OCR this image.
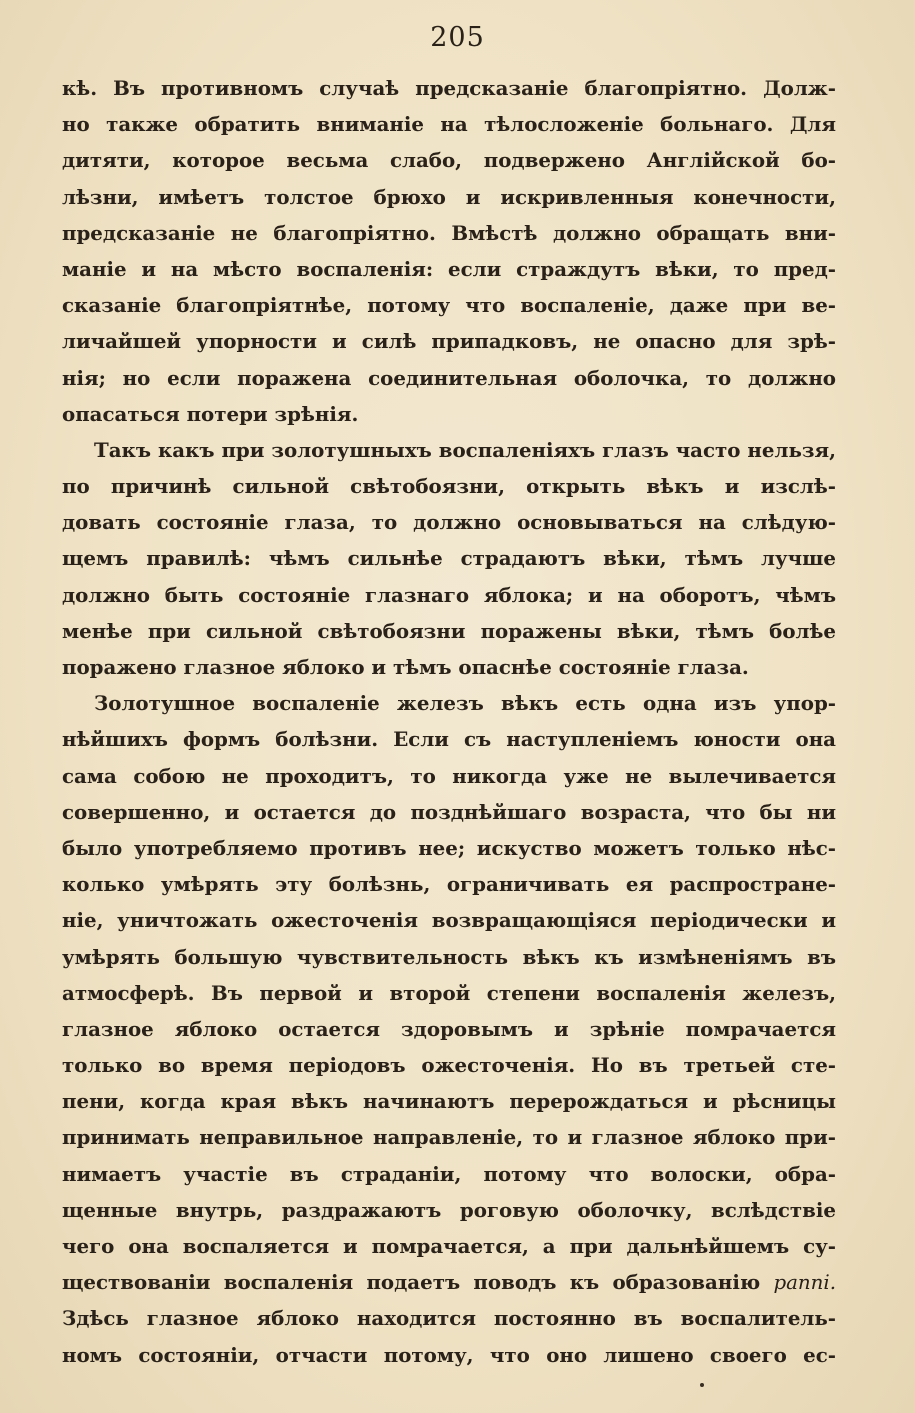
205
кѣ. Въ противномъ случаѣ предсказаніе благопріятно. Долж-
но также обратить вниманіе на тѣлосложеніе больнаго. Для
дитяти, которое весьма слабо, подвержено Англійской бо-
лѣзни, имѣетъ толстое брюхо и искривленныя конечности,
предсказаніе не благопріятно. Вмѣстѣ должно обращать вни-
маніе и на мѣсто воспаленія: если страждутъ вѣки, то пред-
сказаніе благопріятнѣе, потому что воспаленіе, даже при ве-
личайшей упорности и силѣ припадковъ, не опасно для зрѣ-
нія; но если поражена соединительная оболочка, то должно
опасаться потери зрѣнія.
Такъ какъ при золотушныхъ воспаленіяхъ глазъ часто нельзя,
по причинѣ сильной свѣтобоязни, открыть вѣкъ и изслѣ-
довать состояніе глаза, то должно основываться на слѣдую-
щемъ правилѣ: чѣмъ сильнѣе страдаютъ вѣки, тѣмъ лучше
должно быть состояніе глазнаго яблока; и на оборотъ, чѣмъ
менѣе при сильной свѣтобоязни поражены вѣки, тѣмъ болѣе
поражено глазное яблоко и тѣмъ опаснѣе состояніе глаза.
Золотушное воспаленіе железъ вѣкъ есть одна изъ упор-
нѣйшихъ формъ болѣзни. Если съ наступленіемъ юности она
сама собою не проходитъ, то никогда уже не вылечивается
совершенно, и остается до позднѣйшаго возраста, что бы ни
было употребляемо противъ нее; искуство можетъ только нѣс-
колько умѣрять эту болѣзнь, ограничивать ея распростране-
ніе, уничтожать ожесточенія возвращающіяся періодически и
умѣрять большую чувствительность вѣкъ къ измѣненіямъ въ
атмосферѣ. Въ первой и второй степени воспаленія железъ,
глазное яблоко остается здоровымъ и зрѣніе помрачается
только во время періодовъ ожесточенія. Но въ третьей сте-
пени, когда края вѣкъ начинаютъ перерождаться и рѣсницы
принимать неправильное направленіе, то и глазное яблоко при-
нимаетъ участіе въ страданіи, потому что волоски, обра-
щенные внутрь, раздражаютъ роговую оболочку, вслѣдствіе
чего она воспаляется и помрачается, а при дальнѣйшемъ су-
ществованіи воспаленія подаетъ поводъ къ образованію panni.
Здѣсь глазное яблоко находится постоянно въ воспалитель-
номъ состояніи, отчасти потому, что оно лишено своего ес-
